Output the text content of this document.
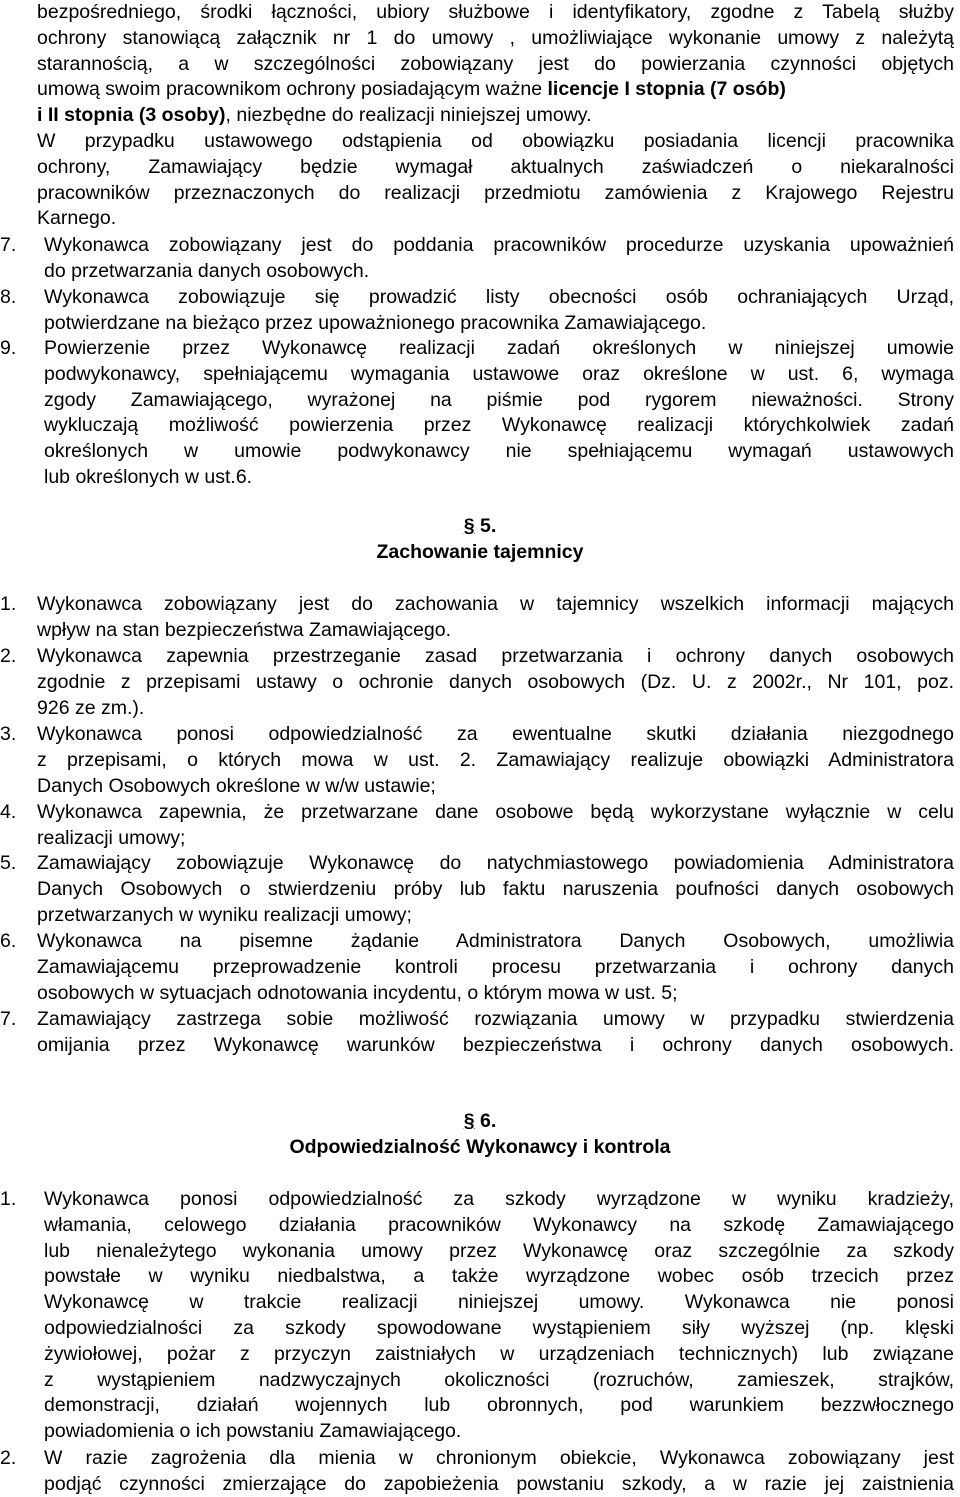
bezpośredniego, środki łączności, ubiory służbowe i identyfikatory, zgodne z Tabelą służby
ochrony stanowiącą załącznik nr 1 do umowy , umożliwiające wykonanie umowy z należytą
starannością, a w szczególności zobowiązany jest do powierzania czynności objętych
umową swoim pracownikom ochrony posiadającym ważne licencje I stopnia (7 osób)
i II stopnia (3 osoby), niezbędne do realizacji niniejszej umowy.
W przypadku ustawowego odstąpienia od obowiązku posiadania licencji pracownika
ochrony, Zamawiający będzie wymagał aktualnych zaświadczeń o niekaralności
pracowników przeznaczonych do realizacji przedmiotu zamówienia z Krajowego Rejestru
Karnego.
7. Wykonawca zobowiązany jest do poddania pracowników procedurze uzyskania upoważnień
do przetwarzania danych osobowych.
8. Wykonawca zobowiązuje się prowadzić listy obecności osób ochraniających Urząd,
potwierdzane na bieżąco przez upoważnionego pracownika Zamawiającego.
9. Powierzenie przez Wykonawcę realizacji zadań określonych w niniejszej umowie
podwykonawcy, spełniającemu wymagania ustawowe oraz określone w ust. 6, wymaga
zgody Zamawiającego, wyrażonej na piśmie pod rygorem nieważności. Strony
wykluczają możliwość powierzenia przez Wykonawcę realizacji którychkolwiek zadań
określonych w umowie podwykonawcy nie spełniającemu wymagań ustawowych
lub określonych w ust.6.
§ 5.
Zachowanie tajemnicy
1. Wykonawca zobowiązany jest do zachowania w tajemnicy wszelkich informacji mających
wpływ na stan bezpieczeństwa Zamawiającego.
2. Wykonawca zapewnia przestrzeganie zasad przetwarzania i ochrony danych osobowych
zgodnie z przepisami ustawy o ochronie danych osobowych (Dz. U. z 2002r., Nr 101, poz.
926 ze zm.).
3. Wykonawca ponosi odpowiedzialność za ewentualne skutki działania niezgodnego
z przepisami, o których mowa w ust. 2. Zamawiający realizuje obowiązki Administratora
Danych Osobowych określone w w/w ustawie;
4. Wykonawca zapewnia, że przetwarzane dane osobowe będą wykorzystane wyłącznie w celu
realizacji umowy;
5. Zamawiający zobowiązuje Wykonawcę do natychmiastowego powiadomienia Administratora
Danych Osobowych o stwierdzeniu próby lub faktu naruszenia poufności danych osobowych
przetwarzanych w wyniku realizacji umowy;
6. Wykonawca na pisemne żądanie Administratora Danych Osobowych, umożliwia
Zamawiającemu przeprowadzenie kontroli procesu przetwarzania i ochrony danych
osobowych w sytuacjach odnotowania incydentu, o którym mowa w ust. 5;
7. Zamawiający zastrzega sobie możliwość rozwiązania umowy w przypadku stwierdzenia
omijania przez Wykonawcę warunków bezpieczeństwa i ochrony danych osobowych.
§ 6.
Odpowiedzialność Wykonawcy i kontrola
1. Wykonawca ponosi odpowiedzialność za szkody wyrządzone w wyniku kradzieży,
włamania, celowego działania pracowników Wykonawcy na szkodę Zamawiającego
lub nienależytego wykonania umowy przez Wykonawcę oraz szczególnie za szkody
powstałe w wyniku niedbalstwa, a także wyrządzone wobec osób trzecich przez
Wykonawcę w trakcie realizacji niniejszej umowy. Wykonawca nie ponosi
odpowiedzialności za szkody spowodowane wystąpieniem siły wyższej (np. klęski
żywiołowej, pożar z przyczyn zaistniałych w urządzeniach technicznych) lub związane
z wystąpieniem nadzwyczajnych okoliczności (rozruchów, zamieszek, strajków,
demonstracji, działań wojennych lub obronnych, pod warunkiem bezzwłocznego
powiadomienia o ich powstaniu Zamawiającego.
2. W razie zagrożenia dla mienia w chronionym obiekcie, Wykonawca zobowiązany jest
podjąć czynności zmierzające do zapobieżenia powstaniu szkody, a w razie jej zaistnienia
